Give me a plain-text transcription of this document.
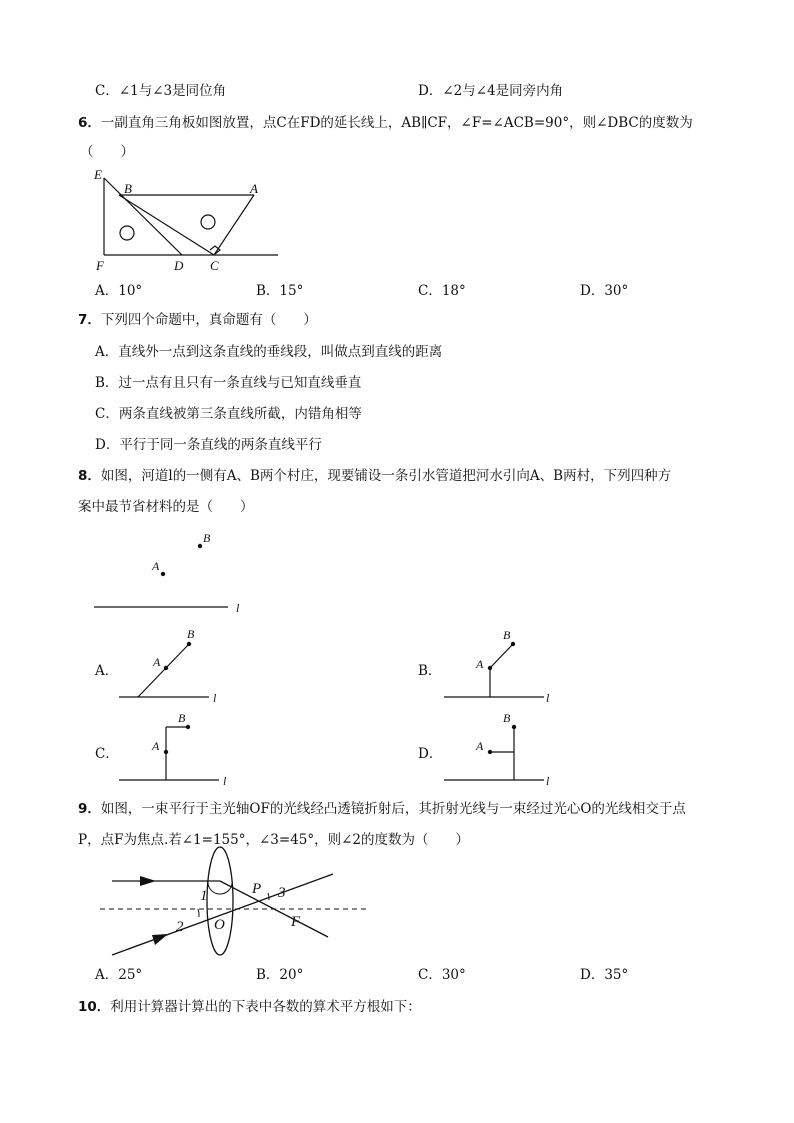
C．∠1与∠3是同位角	D．∠2与∠4是同旁内角
6．一副直角三角板如图放置，点C在FD的延长线上，AB∥CF，∠F=∠ACB=90°，则∠DBC的度数为
（　　）
E
B	A
F	D C
A．10°	B．15°	C．18°	D．30°
7．下列四个命题中，真命题有（　　）
A．直线外一点到这条直线的垂线段，叫做点到直线的距离
B．过一点有且只有一条直线与已知直线垂直
C．两条直线被第三条直线所截，内错角相等
D．平行于同一条直线的两条直线平行
8．如图，河道l的一侧有A、B两个村庄，现要铺设一条引水管道把河水引向A、B两村，下列四种方
案中最节省材料的是（　　）
B
A
l
A．
B
A
l
B．
B
A
l
C．
B
A
l
D．
B
A
l
9．如图，一束平行于主光轴OF的光线经凸透镜折射后，其折射光线与一束经过光心O的光线相交于点
P，点F为焦点.若∠1=155°，∠3=45°，则∠2的度数为（　　）
1
2
3
P
O	F
A．25°	B．20°	C．30°	D．35°
10．利用计算器计算出的下表中各数的算术平方根如下：
